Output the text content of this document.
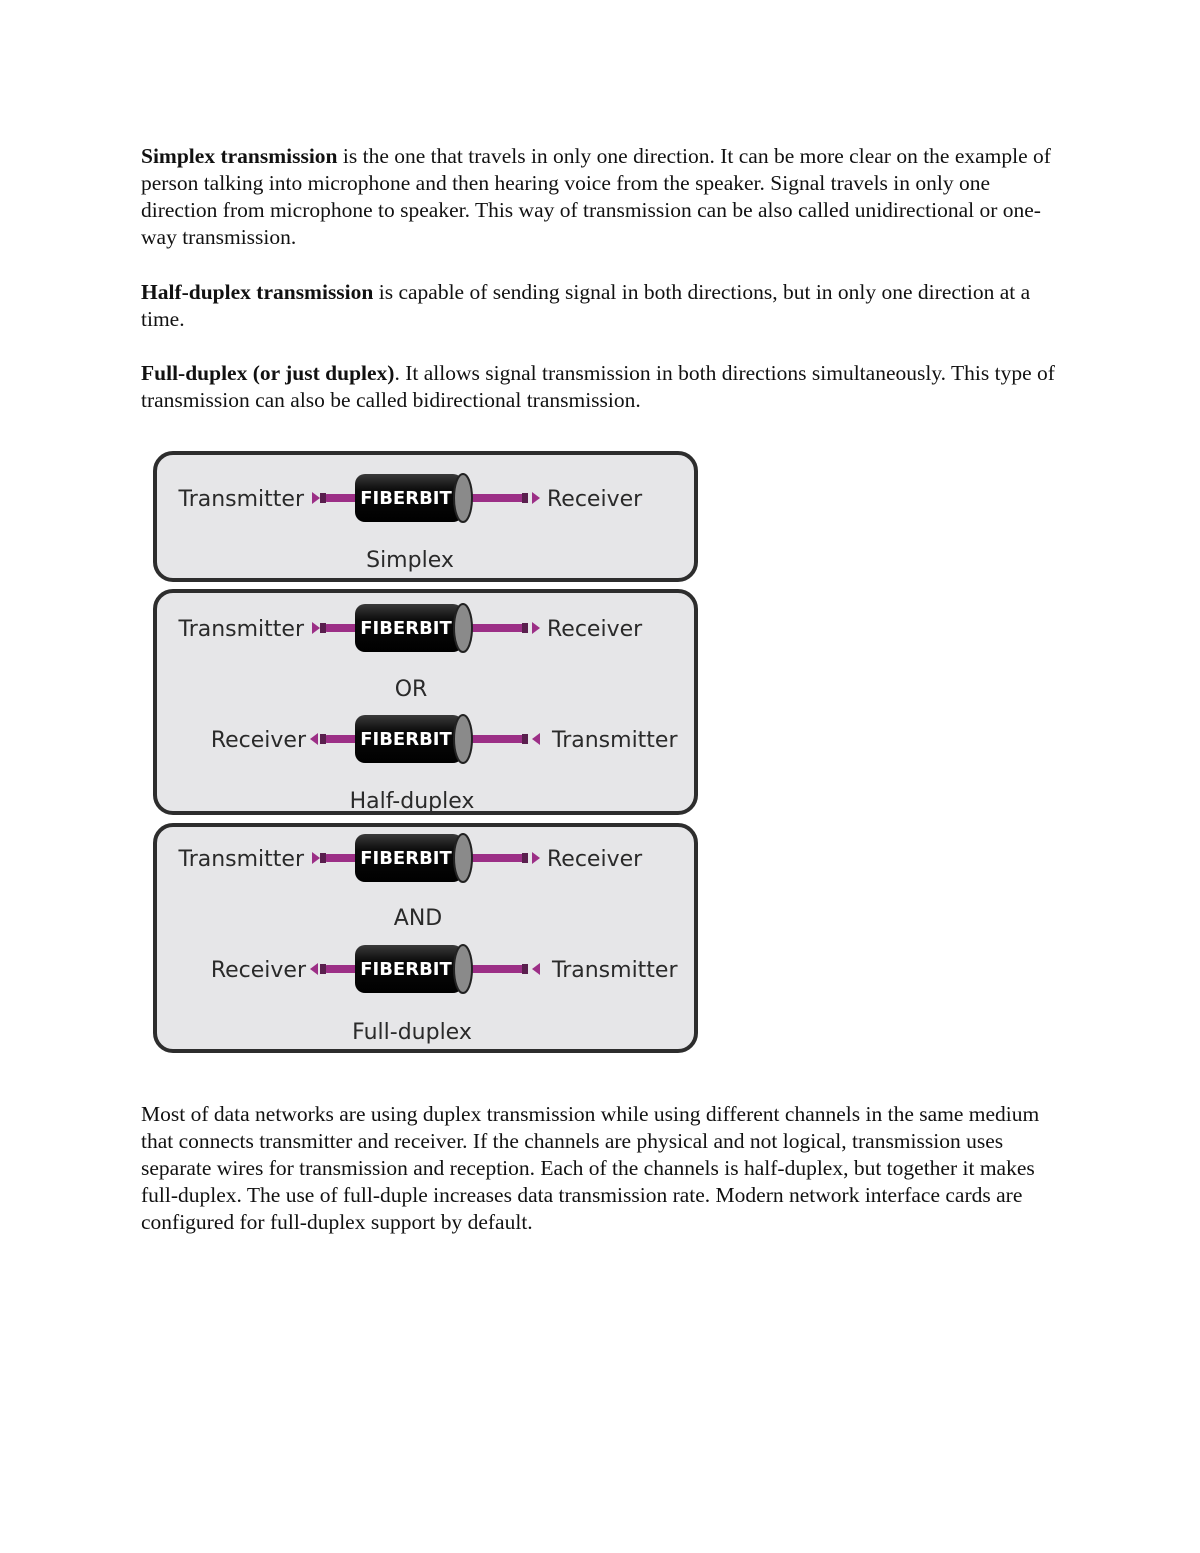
Simplex transmission is the one that travels in only one direction. It can be more clear on the example of person talking into microphone and then hearing voice from the speaker. Signal travels in only one direction from microphone to speaker. This way of transmission can be also called unidirectional or one-way transmission.

Half-duplex transmission is capable of sending signal in both directions, but in only one direction at a time.

Full-duplex (or just duplex). It allows signal transmission in both directions simultaneously. This type of transmission can also be called bidirectional transmission.

Simplex
Half-duplex
Full-duplex
OR
AND
Transmitter	Receiver
Transmitter	Receiver
Receiver	Transmitter
Transmitter	Receiver
Receiver	Transmitter
FIBERBIT
FIBERBIT
FIBERBIT
FIBERBIT
FIBERBIT

Most of data networks are using duplex transmission while using different channels in the same medium that connects transmitter and receiver. If the channels are physical and not logical, transmission uses separate wires for transmission and reception. Each of the channels is half-duplex, but together it makes full-duplex. The use of full-duple increases data transmission rate. Modern network interface cards are configured for full-duplex support by default.
